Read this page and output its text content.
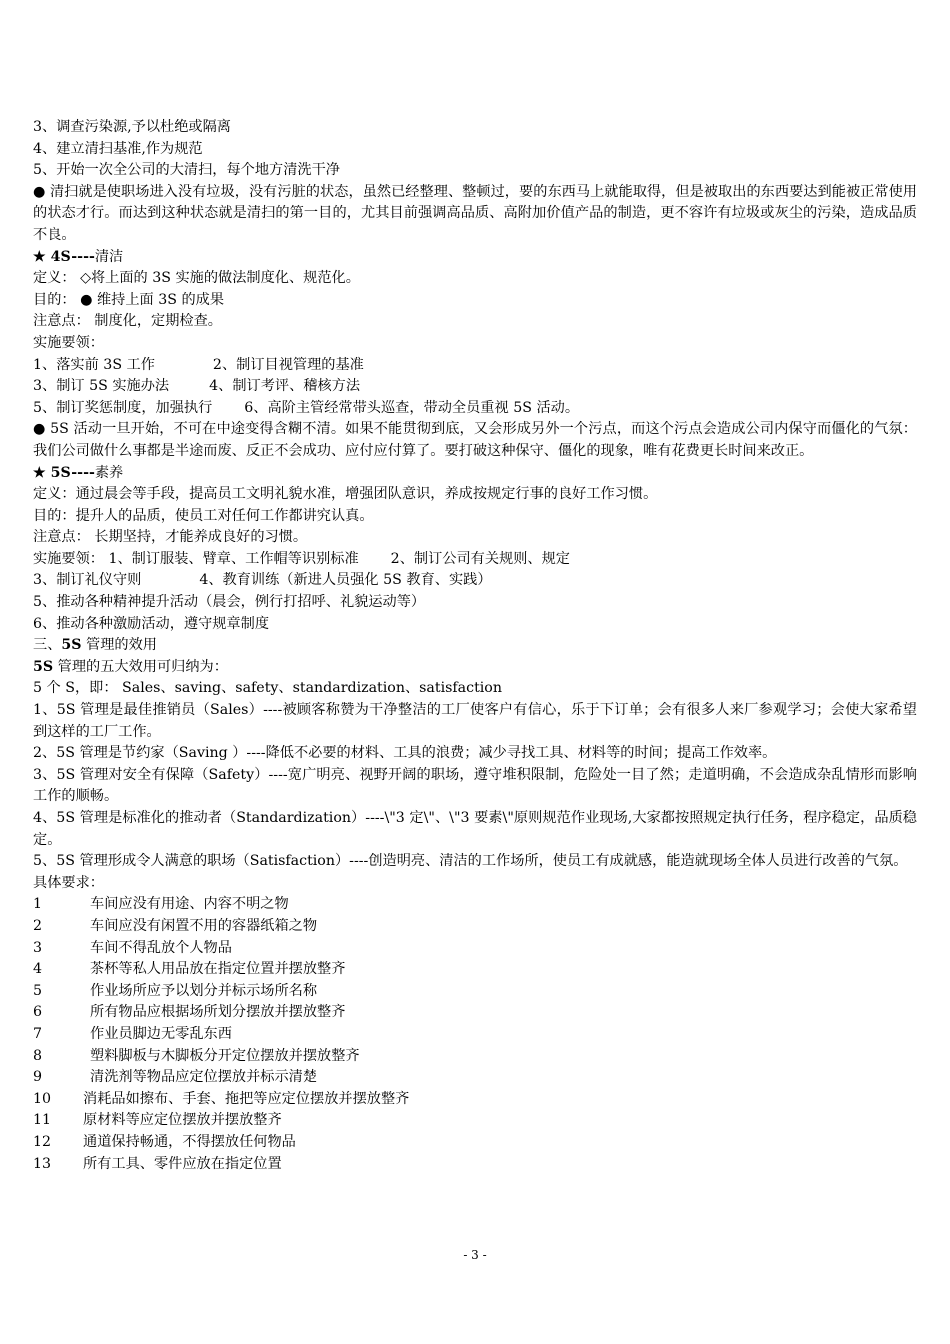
3、调查污染源,予以杜绝或隔离
4、建立清扫基准,作为规范
5、开始一次全公司的大清扫，每个地方清洗干净
● 清扫就是使职场进入没有垃圾，没有污脏的状态，虽然已经整理、整顿过，要的东西马上就能取得，但是被取出的东西要达到能被正常使用的状态才行。而达到这种状态就是清扫的第一目的，尤其目前强调高品质、高附加价值产品的制造，更不容许有垃圾或灰尘的污染，造成品质不良。
★ 4S----清洁
定义： ◇将上面的 3S 实施的做法制度化、规范化。
目的： ● 维持上面 3S 的成果
注意点： 制度化，定期检查。
实施要领：
1、落实前 3S 工作	2、制订目视管理的基准
3、制订 5S 实施办法	4、制订考评、稽核方法
5、制订奖惩制度，加强执行 6、高阶主管经常带头巡查，带动全员重视 5S 活动。
● 5S 活动一旦开始，不可在中途变得含糊不清。如果不能贯彻到底，又会形成另外一个污点，而这个污点会造成公司内保守而僵化的气氛：我们公司做什么事都是半途而废、反正不会成功、应付应付算了。要打破这种保守、僵化的现象，唯有花费更长时间来改正。
★ 5S----素养
定义：通过晨会等手段，提高员工文明礼貌水准，增强团队意识，养成按规定行事的良好工作习惯。
目的：提升人的品质，使员工对任何工作都讲究认真。
注意点： 长期坚持，才能养成良好的习惯。
实施要领： 1、制订服装、臂章、工作帽等识别标准 2、制订公司有关规则、规定
3、制订礼仪守则	4、教育训练（新进人员强化 5S 教育、实践）
5、推动各种精神提升活动（晨会，例行打招呼、礼貌运动等）
6、推动各种激励活动，遵守规章制度
三、5S 管理的效用
5S 管理的五大效用可归纳为：
5 个 S，即： Sales、saving、safety、standardization、satisfaction
1、5S 管理是最佳推销员（Sales）----被顾客称赞为干净整洁的工厂使客户有信心，乐于下订单；会有很多人来厂参观学习；会使大家希望到这样的工厂工作。
2、5S 管理是节约家（Saving ）----降低不必要的材料、工具的浪费；减少寻找工具、材料等的时间；提高工作效率。
3、5S 管理对安全有保障（Safety）----宽广明亮、视野开阔的职场，遵守堆积限制，危险处一目了然；走道明确，不会造成杂乱情形而影响工作的顺畅。
4、5S 管理是标准化的推动者（Standardization）----\"3 定\"、\"3 要素\"原则规范作业现场,大家都按照规定执行任务，程序稳定，品质稳定。
5、5S 管理形成令人满意的职场（Satisfaction）----创造明亮、清洁的工作场所，使员工有成就感，能造就现场全体人员进行改善的气氛。
具体要求：
1	车间应没有用途、内容不明之物
2	车间应没有闲置不用的容器纸箱之物
3	车间不得乱放个人物品
4	茶杯等私人用品放在指定位置并摆放整齐
5	作业场所应予以划分并标示场所名称
6	所有物品应根据场所划分摆放并摆放整齐
7	作业员脚边无零乱东西
8	塑料脚板与木脚板分开定位摆放并摆放整齐
9	清洗剂等物品应定位摆放并标示清楚
10 消耗品如擦布、手套、拖把等应定位摆放并摆放整齐
11 原材料等应定位摆放并摆放整齐
12 通道保持畅通，不得摆放任何物品
13 所有工具、零件应放在指定位置
- 3 -
